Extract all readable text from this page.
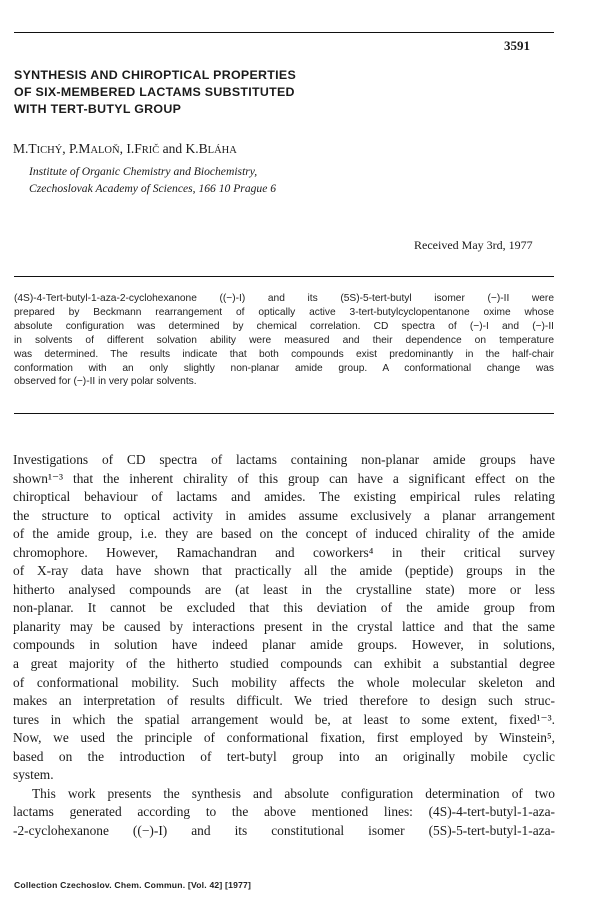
3591
SYNTHESIS AND CHIROPTICAL PROPERTIES
OF SIX-MEMBERED LACTAMS SUBSTITUTED
WITH TERT-BUTYL GROUP
M.TICHÝ, P.MALOŇ, I.FRIČ and K.BLÁHA
Institute of Organic Chemistry and Biochemistry,
Czechoslovak Academy of Sciences, 166 10 Prague 6
Received May 3rd, 1977
(4S)-4-Tert-butyl-1-aza-2-cyclohexanone ((−)-I) and its (5S)-5-tert-butyl isomer (−)-II were
prepared by Beckmann rearrangement of optically active 3-tert-butylcyclopentanone oxime whose
absolute configuration was determined by chemical correlation. CD spectra of (−)-I and (−)-II
in solvents of different solvation ability were measured and their dependence on temperature
was determined. The results indicate that both compounds exist predominantly in the half-chair
conformation with an only slightly non-planar amide group. A conformational change was
observed for (−)-II in very polar solvents.
Investigations of CD spectra of lactams containing non-planar amide groups have
shown¹⁻³ that the inherent chirality of this group can have a significant effect on the
chiroptical behaviour of lactams and amides. The existing empirical rules relating
the structure to optical activity in amides assume exclusively a planar arrangement
of the amide group, i.e. they are based on the concept of induced chirality of the amide
chromophore. However, Ramachandran and coworkers⁴ in their critical survey
of X-ray data have shown that practically all the amide (peptide) groups in the
hitherto analysed compounds are (at least in the crystalline state) more or less
non-planar. It cannot be excluded that this deviation of the amide group from
planarity may be caused by interactions present in the crystal lattice and that the same
compounds in solution have indeed planar amide groups. However, in solutions,
a great majority of the hitherto studied compounds can exhibit a substantial degree
of conformational mobility. Such mobility affects the whole molecular skeleton and
makes an interpretation of results difficult. We tried therefore to design such struc-
tures in which the spatial arrangement would be, at least to some extent, fixed¹⁻³.
Now, we used the principle of conformational fixation, first employed by Winstein⁵,
based on the introduction of tert-butyl group into an originally mobile cyclic
system.
This work presents the synthesis and absolute configuration determination of two
lactams generated according to the above mentioned lines: (4S)-4-tert-butyl-1-aza-
-2-cyclohexanone ((−)-I) and its constitutional isomer (5S)-5-tert-butyl-1-aza-
Collection Czechoslov. Chem. Commun. [Vol. 42] [1977]
